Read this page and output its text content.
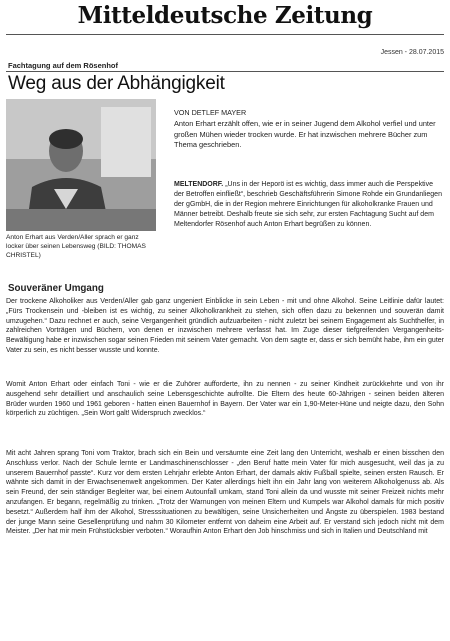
Mitteldeutsche Zeitung
Jessen - 28.07.2015
Fachtagung auf dem Rösenhof
Weg aus der Abhängigkeit
Anton Erhart aus Verden/Aller sprach er ganz locker über seinen Lebensweg (BILD: THOMAS CHRISTEL)
VON DETLEF MAYER
Anton Erhart erzählt offen, wie er in seiner Jugend dem Alkohol verfiel und unter großen Mühen wieder trocken wurde. Er hat inzwischen mehrere Bücher zum Thema geschrieben.
MELTENDORF. „Uns in der Heporö ist es wichtig, dass immer auch die Perspektive der Betroffen einfließt“, beschrieb Geschäftsführerin Simone Rohde ein Grundanliegen der gGmbH, die in der Region mehrere Einrichtungen für alkoholkranke Frauen und Männer betreibt. Deshalb freute sie sich sehr, zur ersten Fachtagung Sucht auf dem Meltendorfer Rösenhof auch Anton Erhart begrüßen zu können.
Souveräner Umgang
Der trockene Alkoholiker aus Verden/Aller gab ganz ungeniert Einblicke in sein Leben - mit und ohne Alkohol. Seine Leitlinie dafür lautet: „Fürs Trockensein und -bleiben ist es wichtig, zu seiner Alkoholkrankheit zu stehen, sich offen dazu zu bekennen und souverän damit umzugehen.“ Dazu rechnet er auch, seine Vergangenheit gründlich aufzuarbeiten - nicht zuletzt bei seinem Engagement als Suchthelfer, in zahlreichen Vorträgen und Büchern, von denen er inzwischen mehrere verfasst hat. Im Zuge dieser tiefgreifenden Vergangenheits-Bewältigung habe er inzwischen sogar seinen Frieden mit seinem Vater gemacht. Von dem sagte er, dass er sich bemüht habe, ihm ein guter Vater zu sein, es nicht besser wusste und konnte.
Womit Anton Erhart oder einfach Toni - wie er die Zuhörer aufforderte, ihn zu nennen - zu seiner Kindheit zurückkehrte und von ihr ausgehend sehr detailliert und anschaulich seine Lebensgeschichte aufrollte. Die Eltern des heute 60-Jährigen - seinen beiden älteren Brüder wurden 1960 und 1961 geboren - hatten einen Bauernhof in Bayern. Der Vater war ein 1,90-Meter-Hüne und neigte dazu, den Sohn körperlich zu züchtigen. „Sein Wort galt! Widerspruch zwecklos.“
Mit acht Jahren sprang Toni vom Traktor, brach sich ein Bein und versäumte eine Zeit lang den Unterricht, weshalb er einen bisschen den Anschluss verlor. Nach der Schule lernte er Landmaschinenschlosser - „den Beruf hatte mein Vater für mich ausgesucht, weil das ja zu unserem Bauernhof passte“. Kurz vor dem ersten Lehrjahr erlebte Anton Erhart, der damals aktiv Fußball spielte, seinen ersten Rausch. Er wähnte sich damit in der Erwachsenenwelt angekommen. Der Kater allerdings hielt ihn ein Jahr lang von weiterem Alkoholgenuss ab. Als sein Freund, der sein ständiger Begleiter war, bei einem Autounfall umkam, stand Toni allein da und wusste mit seiner Freizeit nichts mehr anzufangen. Er begann, regelmäßig zu trinken. „Trotz der Warnungen von meinen Eltern und Kumpels war Alkohol damals für mich positiv besetzt.“ Außerdem half ihm der Alkohol, Stresssituationen zu bewältigen, seine Unsicherheiten und Ängste zu überspielen. 1983 bestand der junge Mann seine Gesellenprüfung und nahm 30 Kilometer entfernt von daheim eine Arbeit auf. Er verstand sich jedoch nicht mit dem Meister. „Der hat mir mein Frühstücksbier verboten.“ Woraufhin Anton Erhart den Job hinschmiss und sich in Italien und Deutschland mit
